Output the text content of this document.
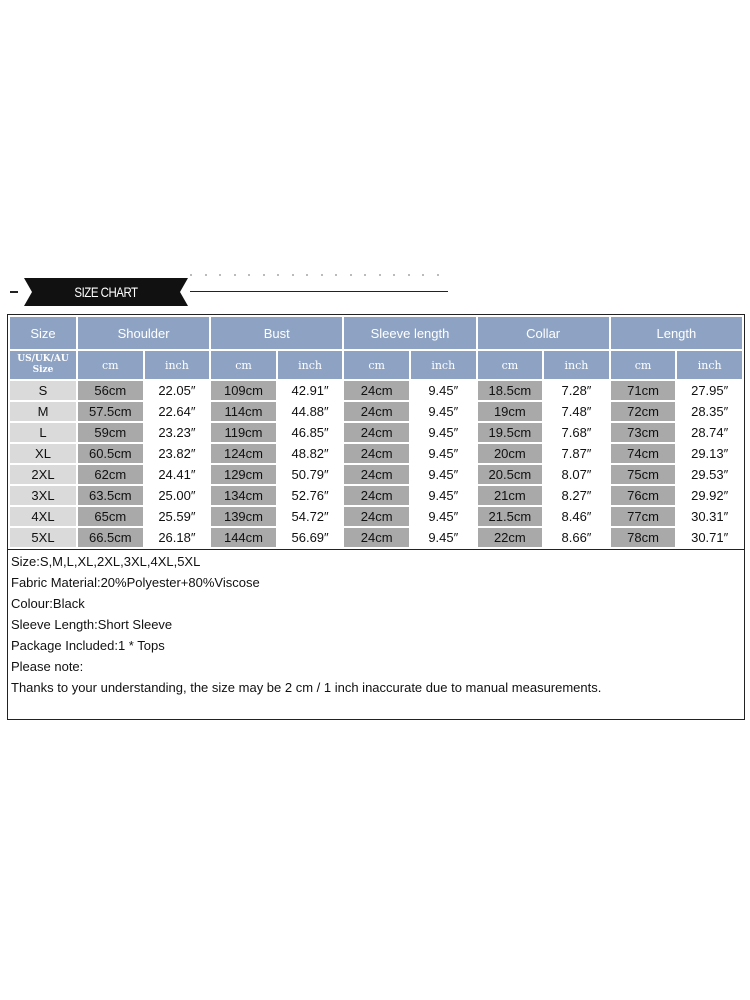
SIZE CHART
Size	Shoulder		Bust		Sleeve length		Collar		Length	
US/UK/AU Size	cm	inch	cm	inch	cm	inch	cm	inch	cm	inch
S	56cm	22.05″	109cm	42.91″	24cm	9.45″	18.5cm	7.28″	71cm	27.95″
M	57.5cm	22.64″	114cm	44.88″	24cm	9.45″	19cm	7.48″	72cm	28.35″
L	59cm	23.23″	119cm	46.85″	24cm	9.45″	19.5cm	7.68″	73cm	28.74″
XL	60.5cm	23.82″	124cm	48.82″	24cm	9.45″	20cm	7.87″	74cm	29.13″
2XL	62cm	24.41″	129cm	50.79″	24cm	9.45″	20.5cm	8.07″	75cm	29.53″
3XL	63.5cm	25.00″	134cm	52.76″	24cm	9.45″	21cm	8.27″	76cm	29.92″
4XL	65cm	25.59″	139cm	54.72″	24cm	9.45″	21.5cm	8.46″	77cm	30.31″
5XL	66.5cm	26.18″	144cm	56.69″	24cm	9.45″	22cm	8.66″	78cm	30.71″
Size:S,M,L,XL,2XL,3XL,4XL,5XL
Fabric Material:20%Polyester+80%Viscose
Colour:Black
Sleeve Length:Short Sleeve
Package Included:1 * Tops
Please note:
Thanks to your understanding, the size may be 2 cm / 1 inch inaccurate due to manual measurements.
